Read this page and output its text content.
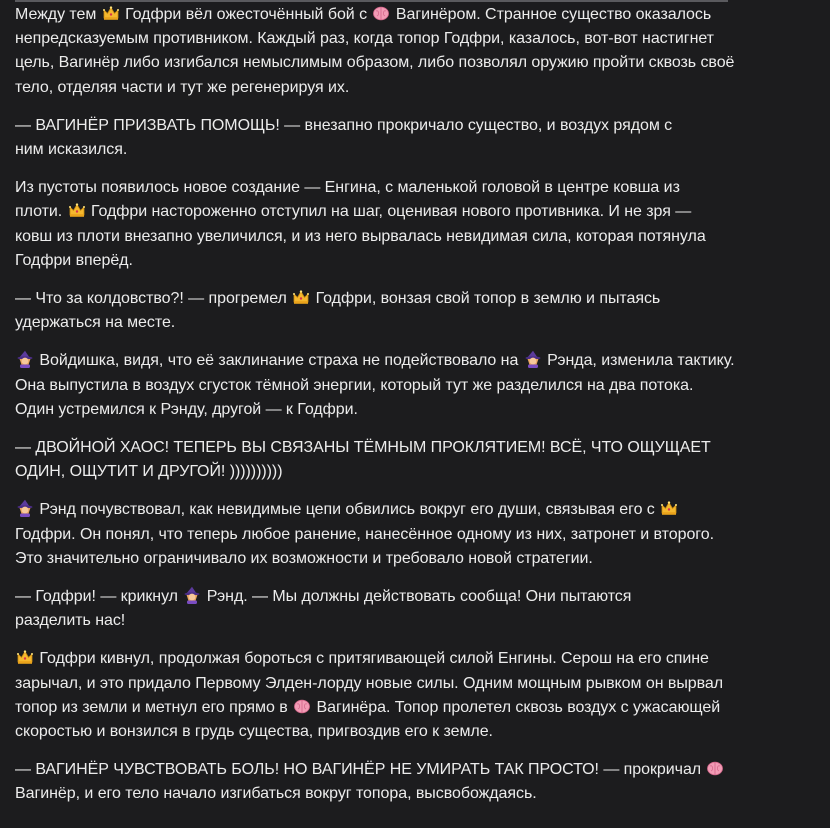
Между тем
Годфри вёл ожесточённый бой с
Вагинёром. Странное существо оказалось
непредсказуемым противником. Каждый раз, когда топор Годфри, казалось, вот-вот настигнет
цель, Вагинёр либо изгибался немыслимым образом, либо позволял оружию пройти сквозь своё
тело, отделяя части и тут же регенерируя их.

— ВАГИНЁР ПРИЗВАТЬ ПОМОЩЬ! — внезапно прокричало существо, и воздух рядом с
ним исказился.

Из пустоты появилось новое создание — Енгина, с маленькой головой в центре ковша из
плоти.
Годфри настороженно отступил на шаг, оценивая нового противника. И не зря —
ковш из плоти внезапно увеличился, и из него вырвалась невидимая сила, которая потянула
Годфри вперёд.

— Что за колдовство?! — прогремел
Годфри, вонзая свой топор в землю и пытаясь
удержаться на месте.

Войдишка, видя, что её заклинание страха не подействовало на
Рэнда, изменила тактику.
Она выпустила в воздух сгусток тёмной энергии, который тут же разделился на два потока.
Один устремился к Рэнду, другой — к Годфри.

— ДВОЙНОЙ ХАОС! ТЕПЕРЬ ВЫ СВЯЗАНЫ ТЁМНЫМ ПРОКЛЯТИЕМ! ВСЁ, ЧТО ОЩУЩАЕТ
ОДИН, ОЩУТИТ И ДРУГОЙ! ))))))))))

Рэнд почувствовал, как невидимые цепи обвились вокруг его души, связывая его с
Годфри. Он понял, что теперь любое ранение, нанесённое одному из них, затронет и второго.
Это значительно ограничивало их возможности и требовало новой стратегии.

— Годфри! — крикнул
Рэнд. — Мы должны действовать сообща! Они пытаются
разделить нас!

Годфри кивнул, продолжая бороться с притягивающей силой Енгины. Серош на его спине
зарычал, и это придало Первому Элден-лорду новые силы. Одним мощным рывком он вырвал
топор из земли и метнул его прямо в
Вагинёра. Топор пролетел сквозь воздух с ужасающей
скоростью и вонзился в грудь существа, пригвоздив его к земле.

— ВАГИНЁР ЧУВСТВОВАТЬ БОЛЬ! НО ВАГИНЁР НЕ УМИРАТЬ ТАК ПРОСТО! — прокричал
Вагинёр, и его тело начало изгибаться вокруг топора, высвобождаясь.
